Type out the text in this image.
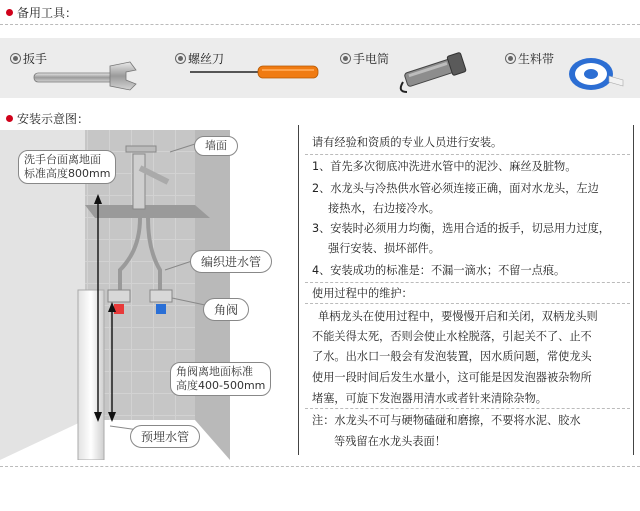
备用工具：
扳手	螺丝刀	手电筒	生料带
安装示意图：
墙面
洗手台面离地面
标准高度800mm
编织进水管
角阀
角阀离地面标准
高度400-500mm
预埋水管
请有经验和资质的专业人员进行安装。
1、首先多次彻底冲洗进水管中的泥沙、麻丝及脏物。
2、水龙头与冷热供水管必须连接正确，面对水龙头，左边
接热水，右边接冷水。
3、安装时必须用力均衡，选用合适的扳手，切忌用力过度，
强行安装、损坏部件。
4、安装成功的标准是：不漏一滴水；不留一点痕。
使用过程中的维护：
单柄龙头在使用过程中，要慢慢开启和关闭，双柄龙头则
不能关得太死，否则会使止水栓脱落，引起关不了、止不
了水。出水口一般会有发泡装置，因水质问题，常使龙头
使用一段时间后发生水量小，这可能是因发泡器被杂物所
堵塞，可旋下发泡器用清水或者针来清除杂物。
注：水龙头不可与硬物磕碰和磨擦，不要将水泥、胶水
等残留在水龙头表面！
